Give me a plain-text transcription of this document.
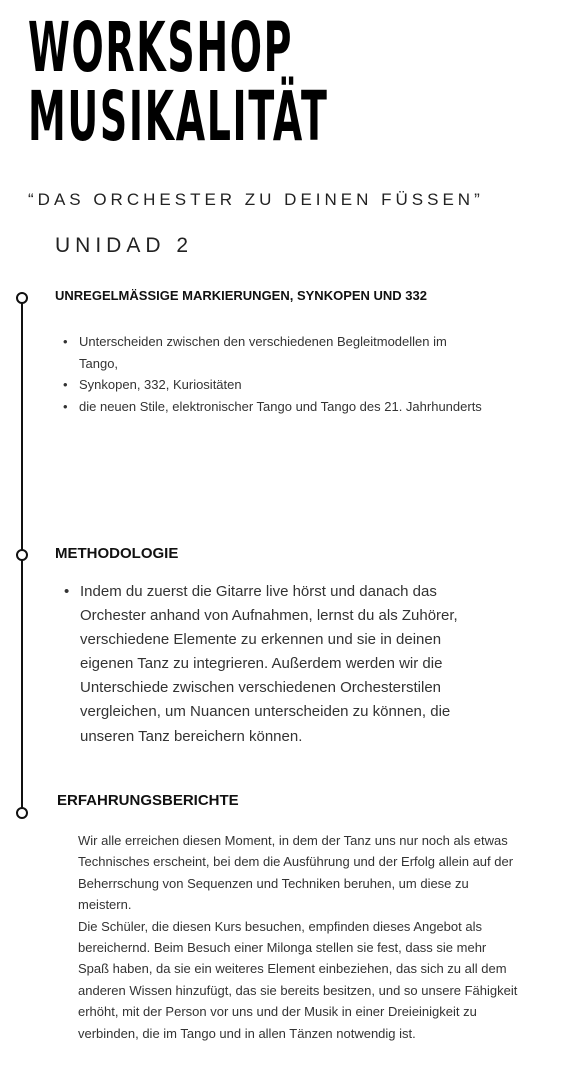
WORKSHOP
MUSIKALITÄT
“DAS ORCHESTER ZU DEINEN FÜSSEN”
UNIDAD 2
UNREGELMÄSSIGE MARKIERUNGEN, SYNKOPEN UND 332
• Unterscheiden zwischen den verschiedenen Begleitmodellen im Tango,
• Synkopen, 332, Kuriositäten
• die neuen Stile, elektronischer Tango und Tango des 21. Jahrhunderts
METHODOLOGIE
• Indem du zuerst die Gitarre live hörst und danach das Orchester anhand von Aufnahmen, lernst du als Zuhörer, verschiedene Elemente zu erkennen und sie in deinen eigenen Tanz zu integrieren. Außerdem werden wir die Unterschiede zwischen verschiedenen Orchesterstilen vergleichen, um Nuancen unterscheiden zu können, die unseren Tanz bereichern können.
ERFAHRUNGSBERICHTE

Wir alle erreichen diesen Moment, in dem der Tanz uns nur noch als etwas Technisches erscheint, bei dem die Ausführung und der Erfolg allein auf der Beherrschung von Sequenzen und Techniken beruhen, um diese zu meistern.

Die Schüler, die diesen Kurs besuchen, empfinden dieses Angebot als bereichernd. Beim Besuch einer Milonga stellen sie fest, dass sie mehr Spaß haben, da sie ein weiteres Element einbeziehen, das sich zu all dem anderen Wissen hinzufügt, das sie bereits besitzen, und so unsere Fähigkeit erhöht, mit der Person vor uns und der Musik in einer Dreieinigkeit zu verbinden, die im Tango und in allen Tänzen notwendig ist.
